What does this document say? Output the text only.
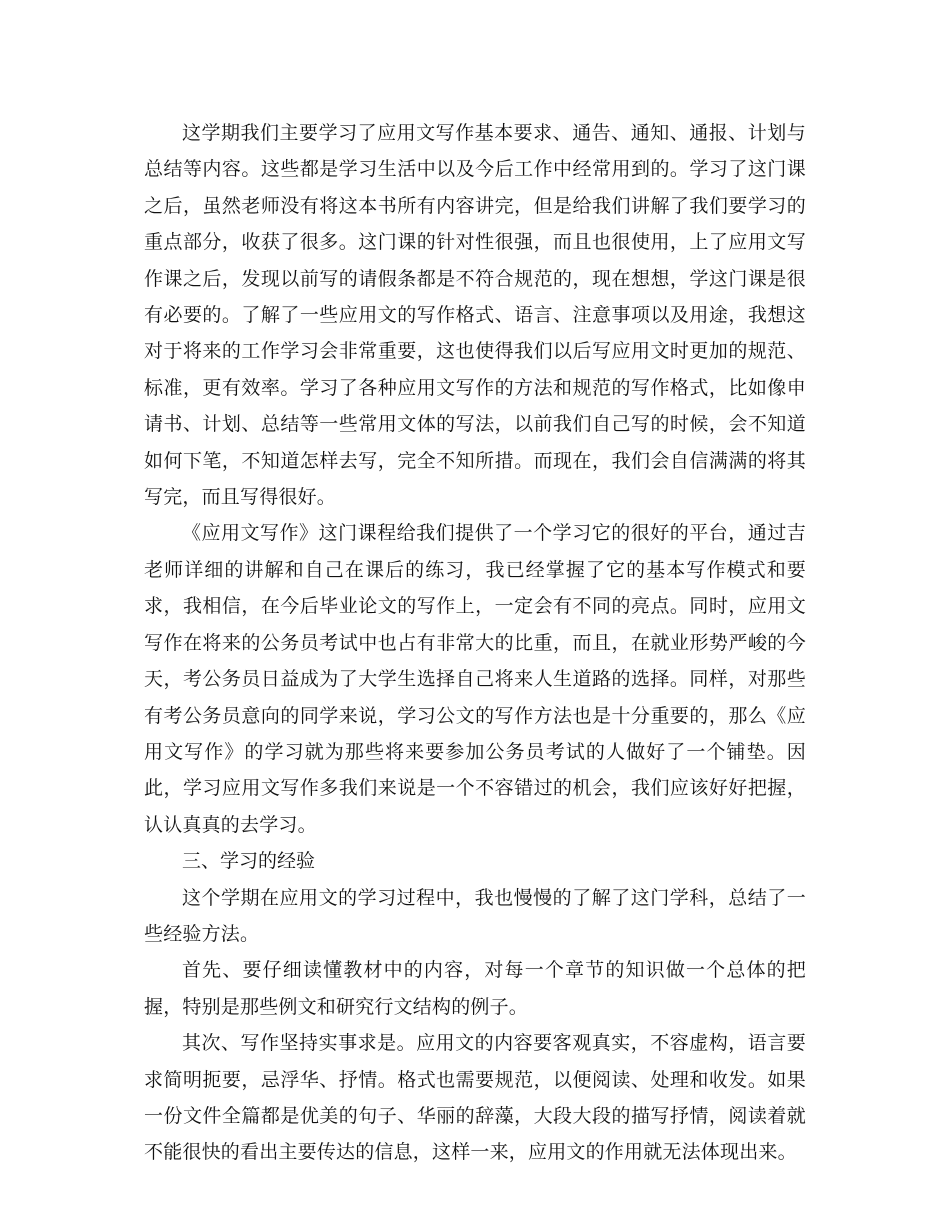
这学期我们主要学习了应用文写作基本要求、通告、通知、通报、计划与总结等内容。这些都是学习生活中以及今后工作中经常用到的。学习了这门课之后，虽然老师没有将这本书所有内容讲完，但是给我们讲解了我们要学习的重点部分，收获了很多。这门课的针对性很强，而且也很使用，上了应用文写作课之后，发现以前写的请假条都是不符合规范的，现在想想，学这门课是很有必要的。了解了一些应用文的写作格式、语言、注意事项以及用途，我想这对于将来的工作学习会非常重要，这也使得我们以后写应用文时更加的规范、标准，更有效率。学习了各种应用文写作的方法和规范的写作格式，比如像申请书、计划、总结等一些常用文体的写法，以前我们自己写的时候，会不知道如何下笔，不知道怎样去写，完全不知所措。而现在，我们会自信满满的将其写完，而且写得很好。

《应用文写作》这门课程给我们提供了一个学习它的很好的平台，通过吉老师详细的讲解和自己在课后的练习，我已经掌握了它的基本写作模式和要求，我相信，在今后毕业论文的写作上，一定会有不同的亮点。同时，应用文写作在将来的公务员考试中也占有非常大的比重，而且，在就业形势严峻的今天，考公务员日益成为了大学生选择自己将来人生道路的选择。同样，对那些有考公务员意向的同学来说，学习公文的写作方法也是十分重要的，那么《应用文写作》的学习就为那些将来要参加公务员考试的人做好了一个铺垫。因此，学习应用文写作多我们来说是一个不容错过的机会，我们应该好好把握，认认真真的去学习。

三、学习的经验

这个学期在应用文的学习过程中，我也慢慢的了解了这门学科，总结了一些经验方法。

首先、要仔细读懂教材中的内容，对每一个章节的知识做一个总体的把握，特别是那些例文和研究行文结构的例子。

其次、写作坚持实事求是。应用文的内容要客观真实，不容虚构，语言要求简明扼要，忌浮华、抒情。格式也需要规范，以便阅读、处理和收发。如果一份文件全篇都是优美的句子、华丽的辞藻，大段大段的描写抒情，阅读着就不能很快的看出主要传达的信息，这样一来，应用文的作用就无法体现出来。
